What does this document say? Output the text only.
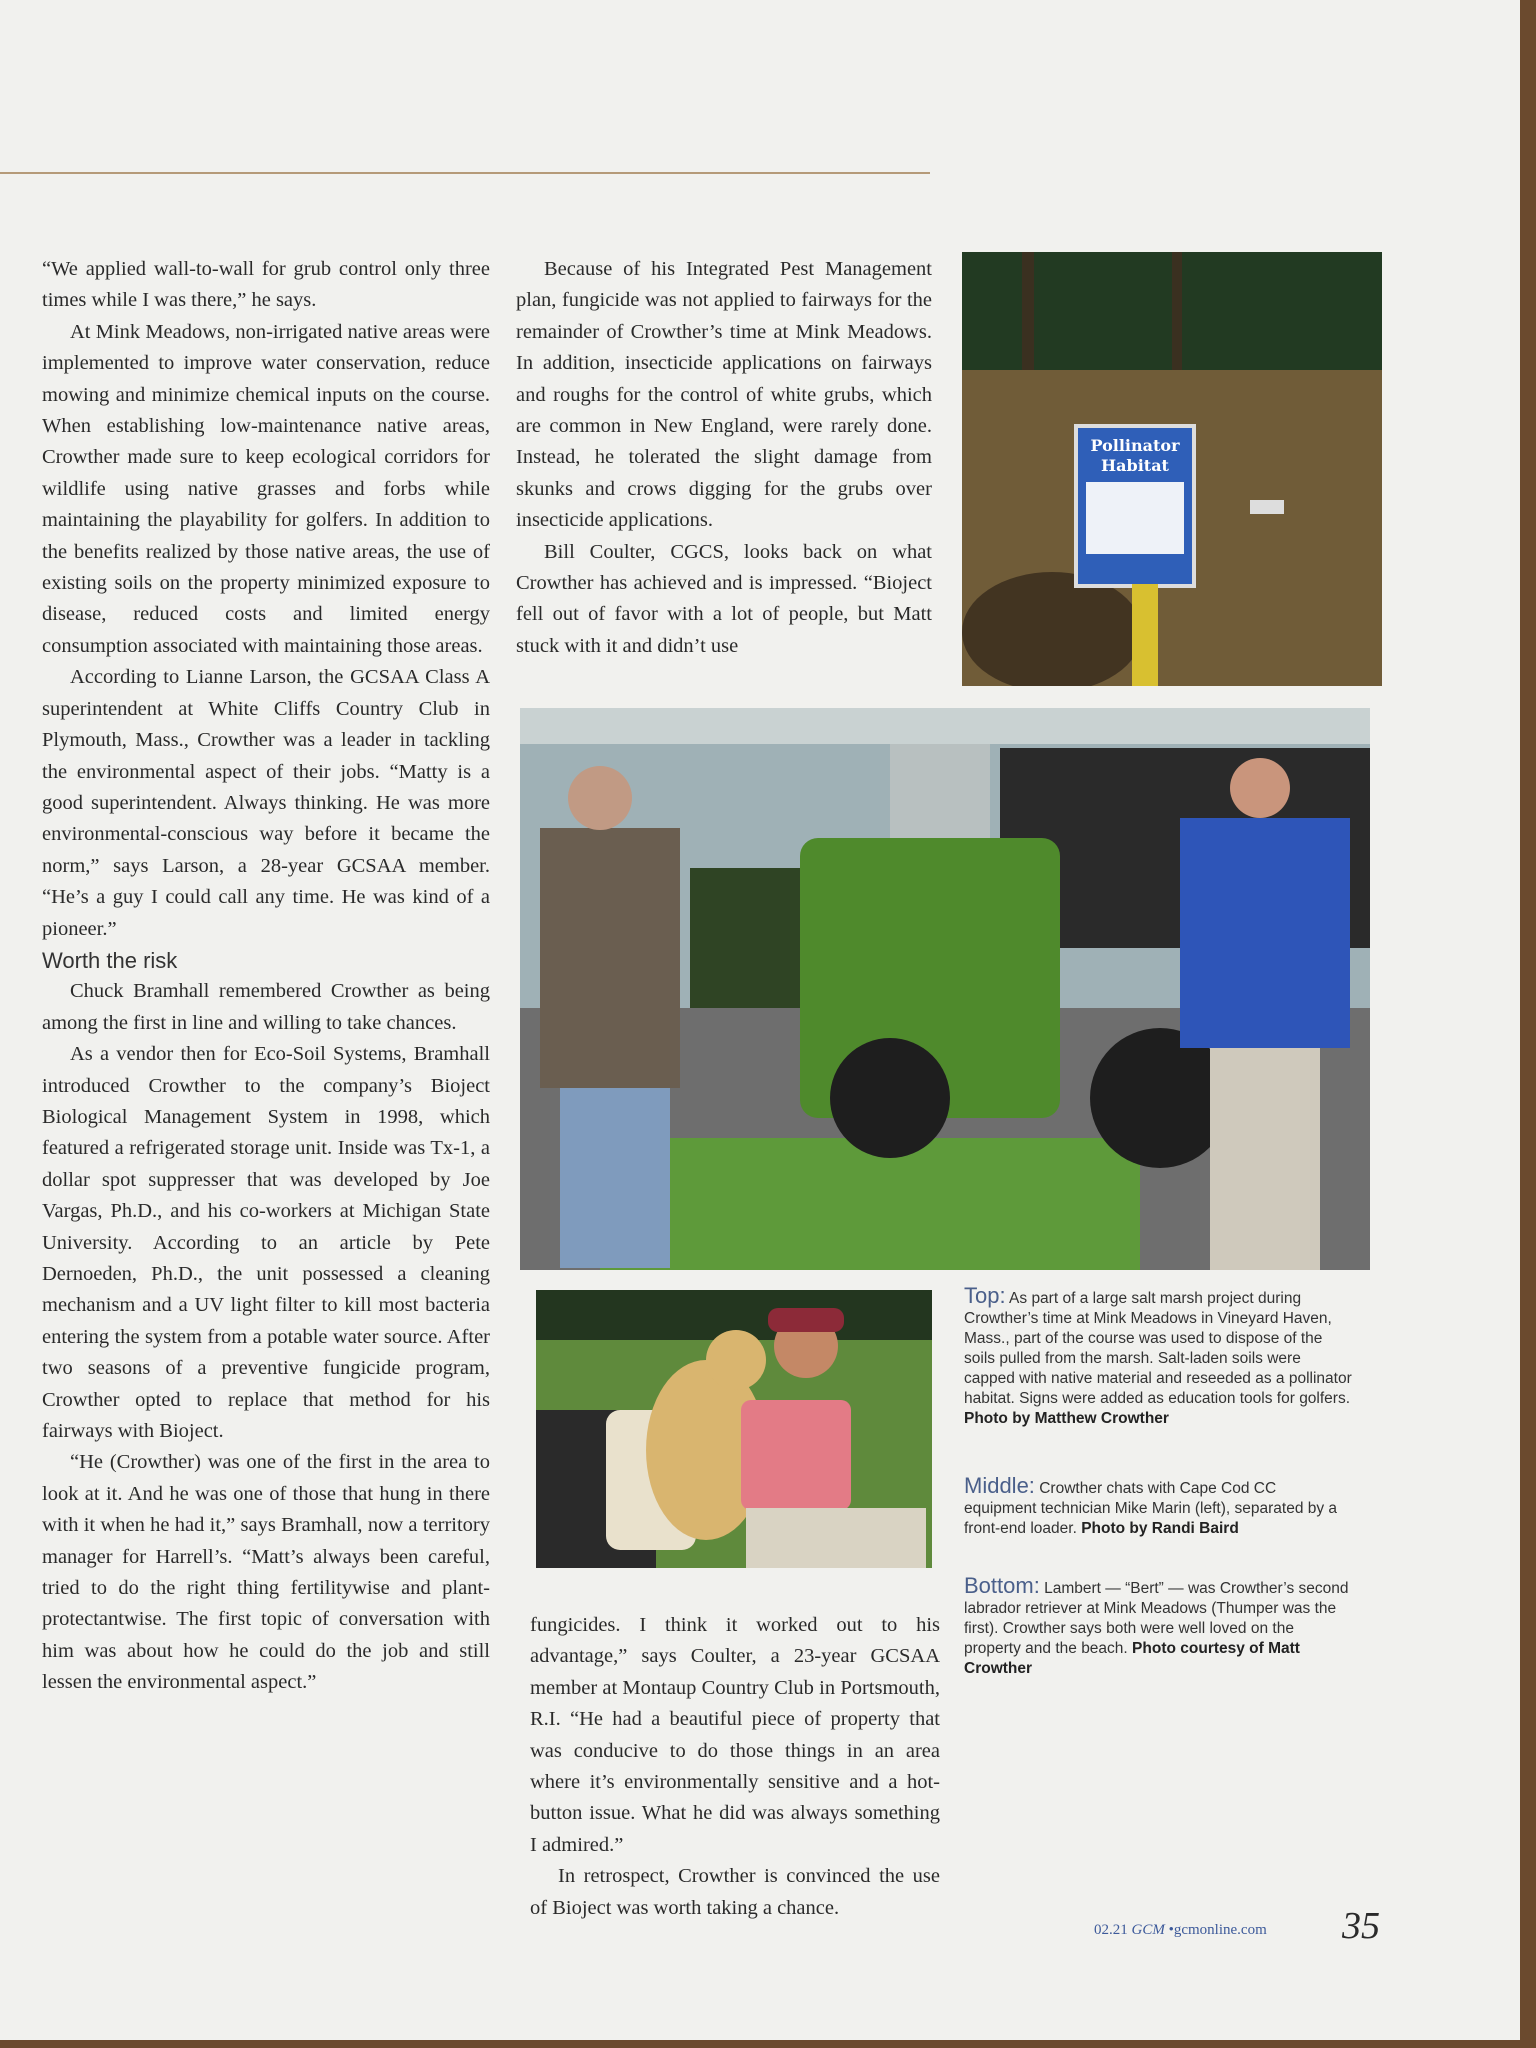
“We applied wall-to-wall for grub control only three times while I was there,” he says.

At Mink Meadows, non-irrigated native areas were implemented to improve water conservation, reduce mowing and minimize chemical inputs on the course. When establishing low-maintenance native areas, Crowther made sure to keep ecological corridors for wildlife using native grasses and forbs while maintaining the playability for golfers. In addition to the benefits realized by those native areas, the use of existing soils on the property minimized exposure to disease, reduced costs and limited energy consumption associated with maintaining those areas.

According to Lianne Larson, the GCSAA Class A superintendent at White Cliffs Country Club in Plymouth, Mass., Crowther was a leader in tackling the environmental aspect of their jobs. “Matty is a good superintendent. Always thinking. He was more environmental-conscious way before it became the norm,” says Larson, a 28-year GCSAA member. “He’s a guy I could call any time. He was kind of a pioneer.”

Worth the risk

Chuck Bramhall remembered Crowther as being among the first in line and willing to take chances.

As a vendor then for Eco-Soil Systems, Bramhall introduced Crowther to the company’s Bioject Biological Management System in 1998, which featured a refrigerated storage unit. Inside was Tx-1, a dollar spot suppresser that was developed by Joe Vargas, Ph.D., and his co-workers at Michigan State University. According to an article by Pete Dernoeden, Ph.D., the unit possessed a cleaning mechanism and a UV light filter to kill most bacteria entering the system from a potable water source. After two seasons of a preventive fungicide program, Crowther opted to replace that method for his fairways with Bioject.

“He (Crowther) was one of the first in the area to look at it. And he was one of those that hung in there with it when he had it,” says Bramhall, now a territory manager for Harrell’s. “Matt’s always been careful, tried to do the right thing fertilitywise and plant-protectantwise. The first topic of conversation with him was about how he could do the job and still lessen the environmental aspect.”

Because of his Integrated Pest Management plan, fungicide was not applied to fairways for the remainder of Crowther’s time at Mink Meadows. In addition, insecticide applications on fairways and roughs for the control of white grubs, which are common in New England, were rarely done. Instead, he tolerated the slight damage from skunks and crows digging for the grubs over insecticide applications.

Bill Coulter, CGCS, looks back on what Crowther has achieved and is impressed. “Bioject fell out of favor with a lot of people, but Matt stuck with it and didn’t use

fungicides. I think it worked out to his advantage,” says Coulter, a 23-year GCSAA member at Montaup Country Club in Portsmouth, R.I. “He had a beautiful piece of property that was conducive to do those things in an area where it’s environmentally sensitive and a hot-button issue. What he did was always something I admired.”

In retrospect, Crowther is convinced the use of Bioject was worth taking a chance.

Pollinator
Habitat
Top: As part of a large salt marsh project during Crowther’s time at Mink Meadows in Vineyard Haven, Mass., part of the course was used to dispose of the soils pulled from the marsh. Salt-laden soils were capped with native material and reseeded as a pollinator habitat. Signs were added as education tools for golfers. Photo by Matthew Crowther
Middle: Crowther chats with Cape Cod CC equipment technician Mike Marin (left), separated by a front-end loader. Photo by Randi Baird
Bottom: Lambert — “Bert” — was Crowther’s second labrador retriever at Mink Meadows (Thumper was the first). Crowther says both were well loved on the property and the beach. Photo courtesy of Matt Crowther
02.21 GCM •gcmonline.com 35
